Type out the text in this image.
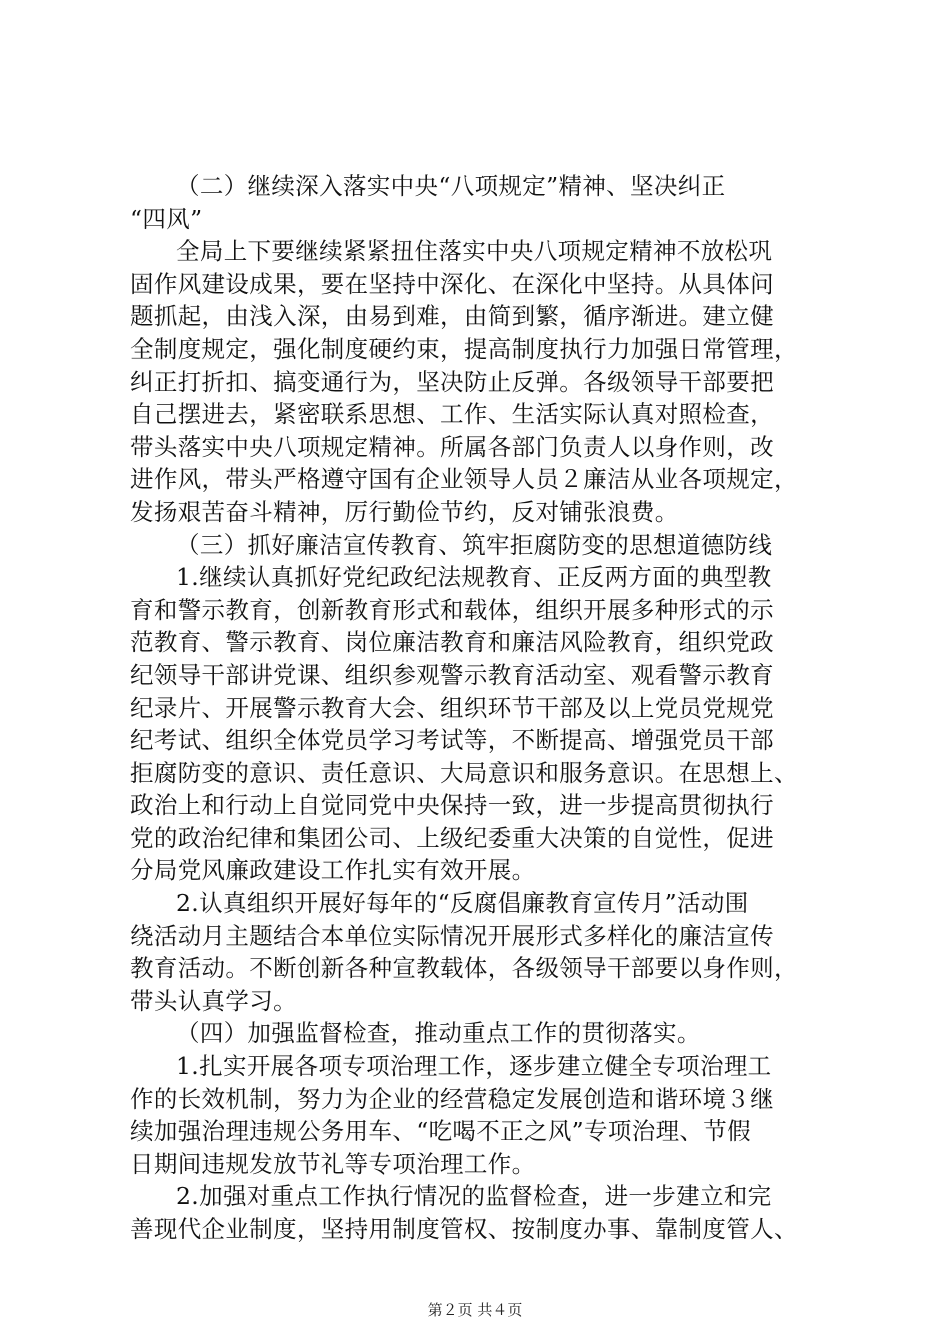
（二）继续深入落实中央“八项规定”精神、坚决纠正
“四风”
全局上下要继续紧紧扭住落实中央八项规定精神不放松巩
固作风建设成果，要在坚持中深化、在深化中坚持。从具体问
题抓起，由浅入深，由易到难，由简到繁，循序渐进。建立健
全制度规定，强化制度硬约束，提高制度执行力加强日常管理，
纠正打折扣、搞变通行为，坚决防止反弹。各级领导干部要把
自己摆进去，紧密联系思想、工作、生活实际认真对照检查，
带头落实中央八项规定精神。所属各部门负责人以身作则，改
进作风，带头严格遵守国有企业领导人员２廉洁从业各项规定，
发扬艰苦奋斗精神，厉行勤俭节约，反对铺张浪费。
（三）抓好廉洁宣传教育、筑牢拒腐防变的思想道德防线
1.继续认真抓好党纪政纪法规教育、正反两方面的典型教
育和警示教育，创新教育形式和载体，组织开展多种形式的示
范教育、警示教育、岗位廉洁教育和廉洁风险教育，组织党政
纪领导干部讲党课、组织参观警示教育活动室、观看警示教育
纪录片、开展警示教育大会、组织环节干部及以上党员党规党
纪考试、组织全体党员学习考试等，不断提高、增强党员干部
拒腐防变的意识、责任意识、大局意识和服务意识。在思想上、
政治上和行动上自觉同党中央保持一致，进一步提高贯彻执行
党的政治纪律和集团公司、上级纪委重大决策的自觉性，促进
分局党风廉政建设工作扎实有效开展。
2.认真组织开展好每年的“反腐倡廉教育宣传月”活动围
绕活动月主题结合本单位实际情况开展形式多样化的廉洁宣传
教育活动。不断创新各种宣教载体，各级领导干部要以身作则，
带头认真学习。
（四）加强监督检查，推动重点工作的贯彻落实。
1.扎实开展各项专项治理工作，逐步建立健全专项治理工
作的长效机制，努力为企业的经营稳定发展创造和谐环境３继
续加强治理违规公务用车、“吃喝不正之风”专项治理、节假
日期间违规发放节礼等专项治理工作。
2.加强对重点工作执行情况的监督检查，进一步建立和完
善现代企业制度，坚持用制度管权、按制度办事、靠制度管人、
第２页 共４页
